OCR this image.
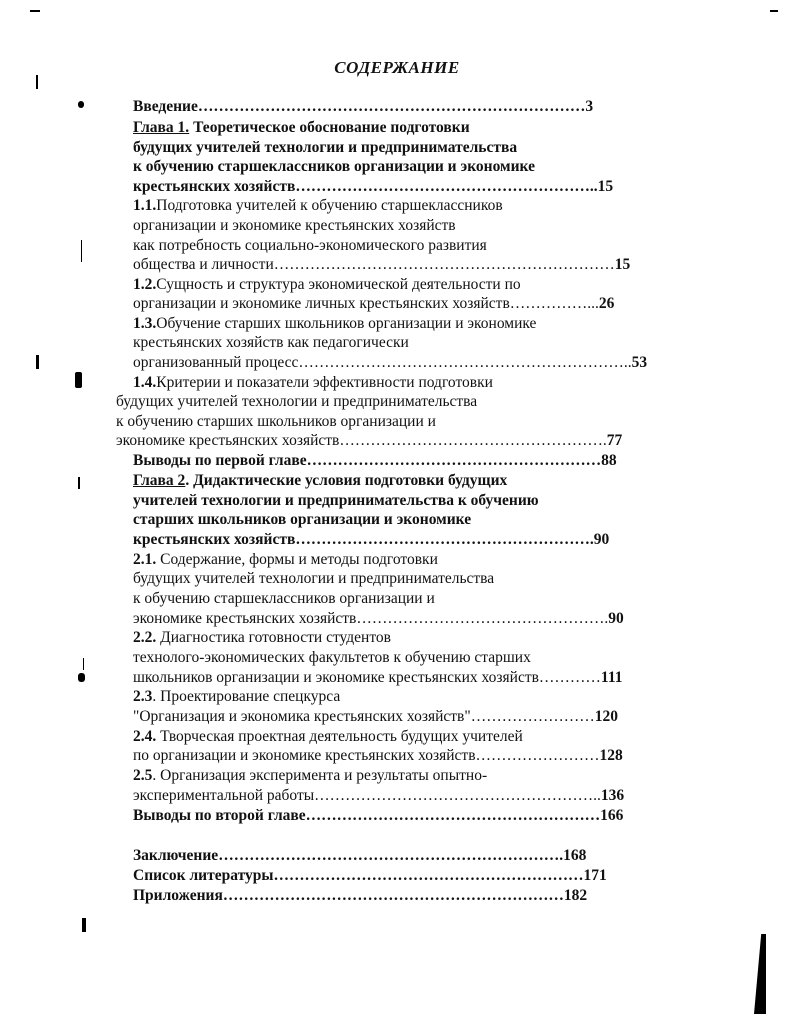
СОДЕРЖАНИЕ
Введение…………………………………………………………………3
Глава 1. Теоретическое обоснование подготовки
будущих учителей технологии и предпринимательства
к обучению старшеклассников организации и экономике
крестьянских хозяйств…………………………………………………..15
1.1.Подготовка учителей к обучению старшеклассников
организации и экономике крестьянских хозяйств
как потребность социально-экономического развития
общества и личности…………………………………………………………15
1.2.Сущность и структура экономической деятельности по
организации и экономике личных крестьянских хозяйств……………...26
1.3.Обучение старших школьников организации и экономике
крестьянских хозяйств как педагогически
организованный процесс………………………………………………………..53
1.4.Критерии и показатели эффективности подготовки
будущих учителей технологии и предпринимательства
к обучению старших школьников организации и
экономике крестьянских хозяйств…………………………………………….77
Выводы по первой главе…………………………………………………88
Глава 2. Дидактические условия подготовки будущих
учителей технологии и предпринимательства к обучению
старших школьников организации и экономике
крестьянских хозяйств………………………………………………….90
2.1. Содержание, формы и методы подготовки
будущих учителей технологии и предпринимательства
к обучению старшеклассников организации и
экономике крестьянских хозяйств………………………………………….90
2.2. Диагностика готовности студентов
технолого-экономических факультетов к обучению старших
школьников организации и экономике крестьянских хозяйств…………111
2.3. Проектирование спецкурса
"Организация и экономика крестьянских хозяйств"……………………120
2.4. Творческая проектная деятельность будущих учителей
по организации и экономике крестьянских хозяйств……………………128
2.5. Организация эксперимента и результаты опытно-
экспериментальной работы………………………………………………..136
Выводы по второй главе…………………………………………………166
Заключение………………………………………………………….168
Список литературы……………………………………………………171
Приложения…………………………………………………………182
